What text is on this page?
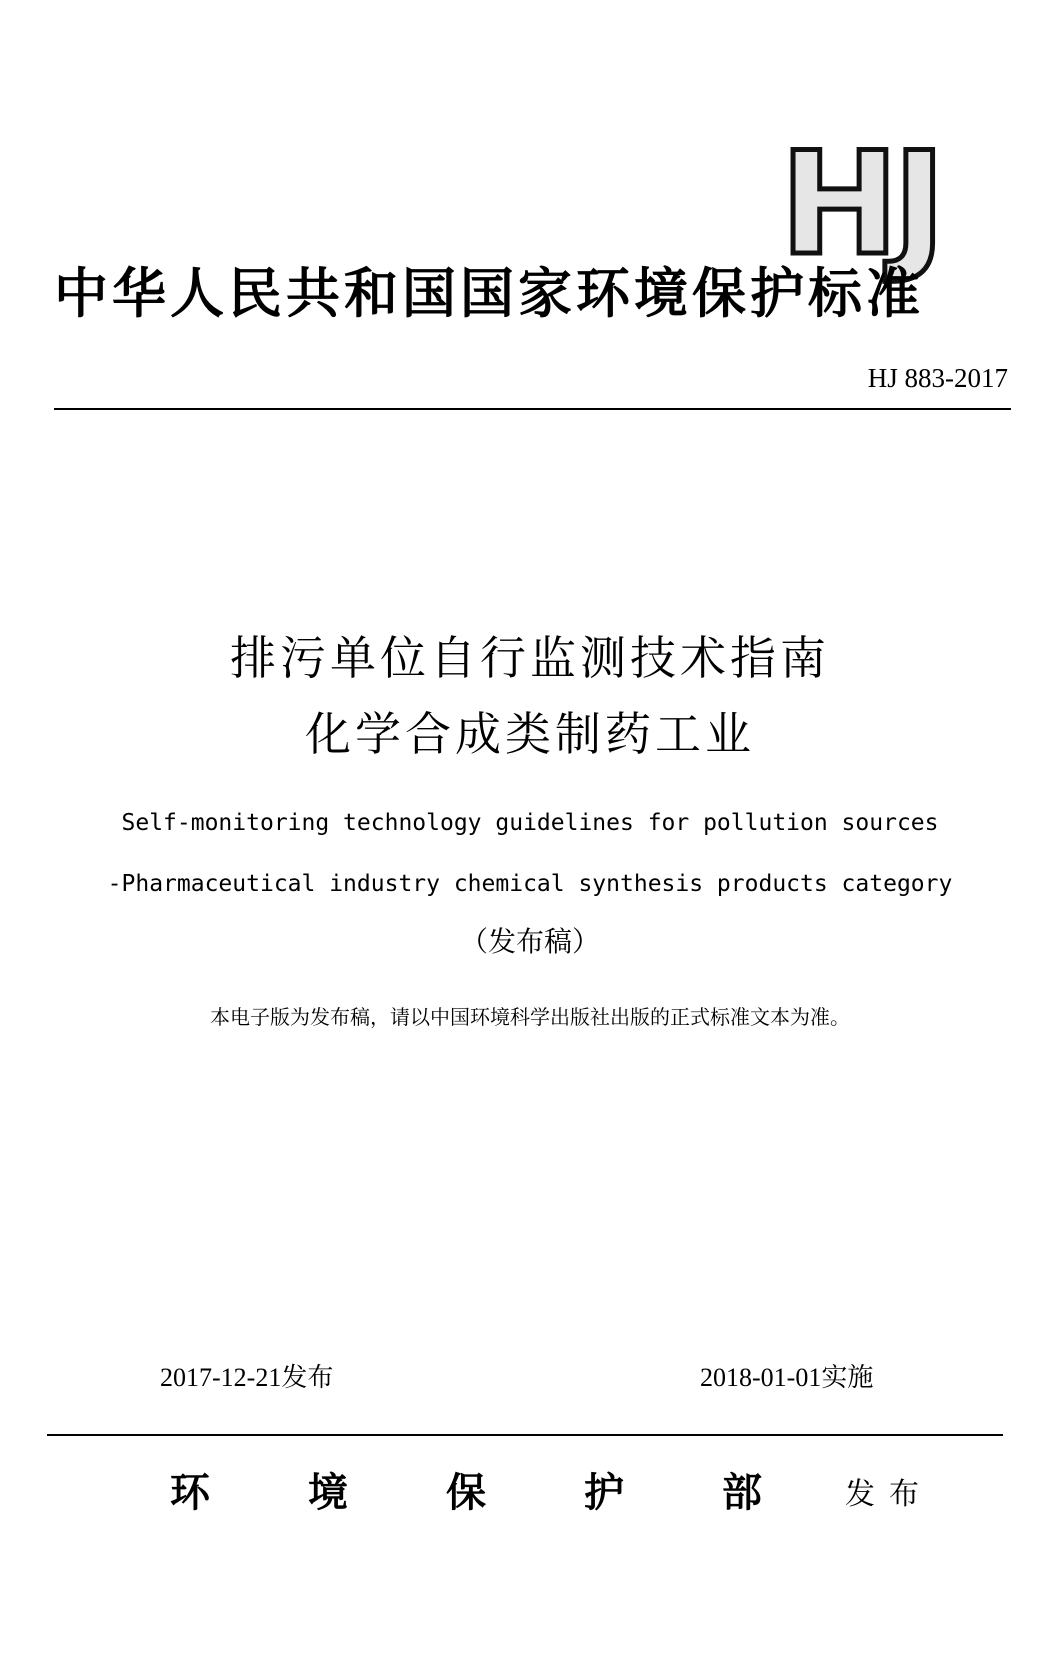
HJ
中华人民共和国国家环境保护标准
HJ 883-2017
排污单位自行监测技术指南
化学合成类制药工业
Self-monitoring technology guidelines for pollution sources
-Pharmaceutical industry chemical synthesis products category
（发布稿）
本电子版为发布稿，请以中国环境科学出版社出版的正式标准文本为准。
2017-12-21发布	2018-01-01实施
环境保护部
发布
